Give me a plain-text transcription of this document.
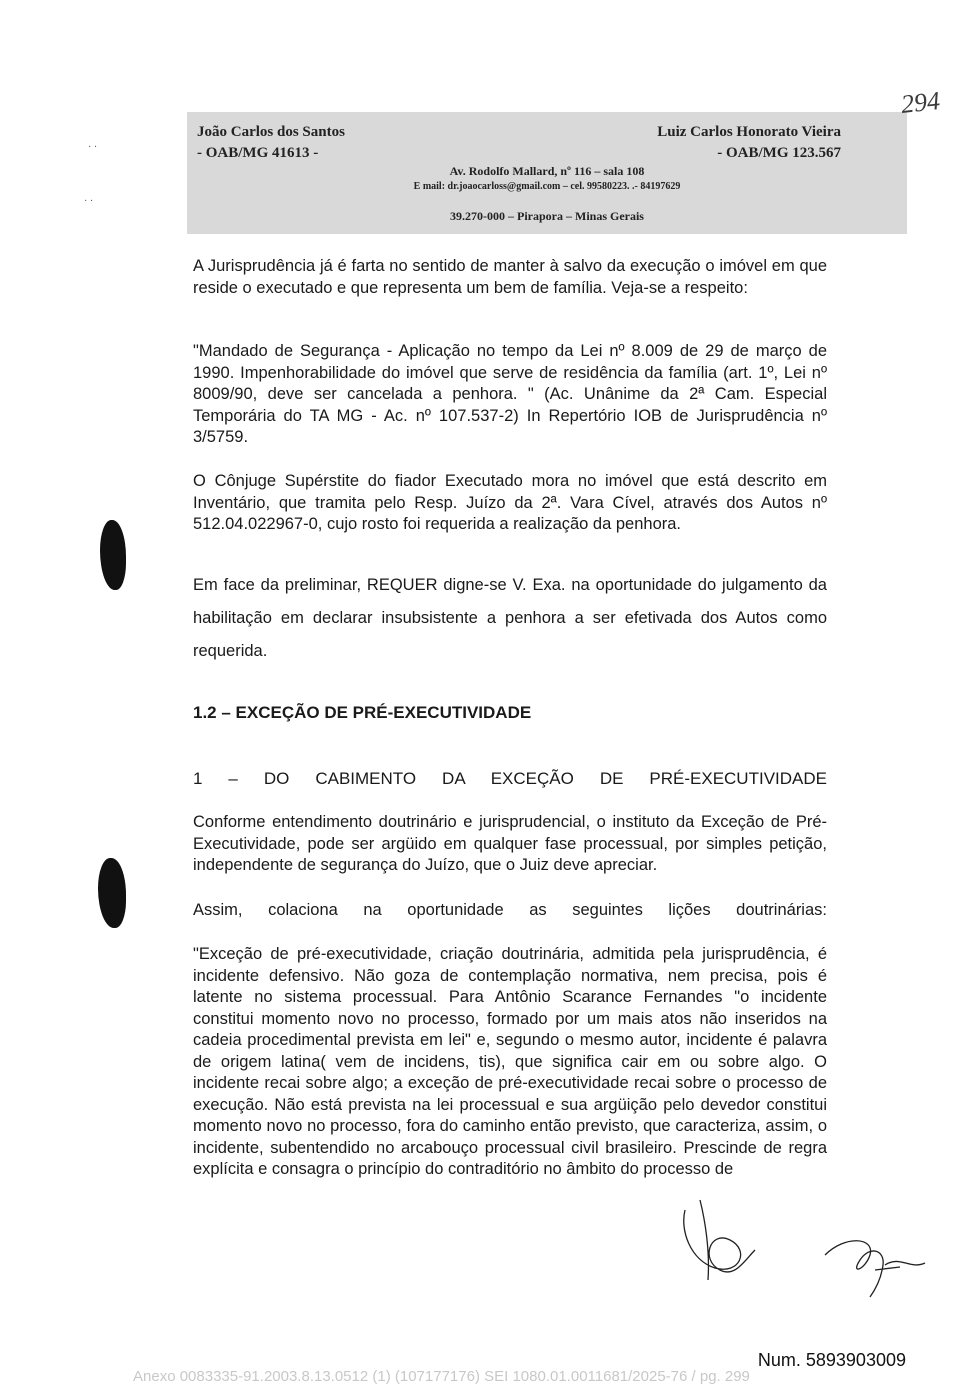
· ·
· ·
João Carlos dos Santos
- OAB/MG 41613 -
Luiz Carlos Honorato Vieira
- OAB/MG 123.567
Av. Rodolfo Mallard, nº 116 – sala 108
E mail: dr.joaocarloss@gmail.com – cel. 99580223. .- 84197629
39.270-000 – Pirapora – Minas Gerais
294

A Jurisprudência já é farta no sentido de manter à salvo da execução o imóvel em que reside o executado e que representa um bem de família. Veja-se a respeito:

"Mandado de Segurança - Aplicação no tempo da Lei nº 8.009 de 29 de março de 1990. Impenhorabilidade do imóvel que serve de residência da família (art. 1º, Lei nº 8009/90, deve ser cancelada a penhora. " (Ac. Unânime da 2ª Cam. Especial Temporária do TA MG - Ac. nº 107.537-2) In Repertório IOB de Jurisprudência nº 3/5759.

O Cônjuge Supérstite do fiador Executado mora no imóvel que está descrito em Inventário, que tramita pelo Resp. Juízo da 2ª. Vara Cível, através dos Autos nº 512.04.022967-0, cujo rosto foi requerida a realização da penhora.

Em face da preliminar, REQUER digne-se V. Exa. na oportunidade do julgamento da habilitação em declarar insubsistente a penhora a ser efetivada dos Autos como requerida.

1.2 – EXCEÇÃO DE PRÉ-EXECUTIVIDADE
1 – DO CABIMENTO DA EXCEÇÃO DE PRÉ-EXECUTIVIDADE

Conforme entendimento doutrinário e jurisprudencial, o instituto da Exceção de Pré-Executividade, pode ser argüido em qualquer fase processual, por simples petição, independente de segurança do Juízo, que o Juiz deve apreciar.

Assim, colaciona na oportunidade as seguintes lições doutrinárias:

"Exceção de pré-executividade, criação doutrinária, admitida pela jurisprudência, é incidente defensivo. Não goza de contemplação normativa, nem precisa, pois é latente no sistema processual. Para Antônio Scarance Fernandes "o incidente constitui momento novo no processo, formado por um mais atos não inseridos na cadeia procedimental prevista em lei" e, segundo o mesmo autor, incidente é palavra de origem latina( vem de incidens, tis), que significa cair em ou sobre algo. O incidente recai sobre algo; a exceção de pré-executividade recai sobre o processo de execução. Não está prevista na lei processual e sua argüição pelo devedor constitui momento novo no processo, fora do caminho então previsto, que caracteriza, assim, o incidente, subentendido no arcabouço processual civil brasileiro. Prescinde de regra explícita e consagra o princípio do contraditório no âmbito do processo de

Num. 5893903009
Anexo 0083335-91.2003.8.13.0512 (1) (107177176) SEI 1080.01.0011681/2025-76 / pg. 299
